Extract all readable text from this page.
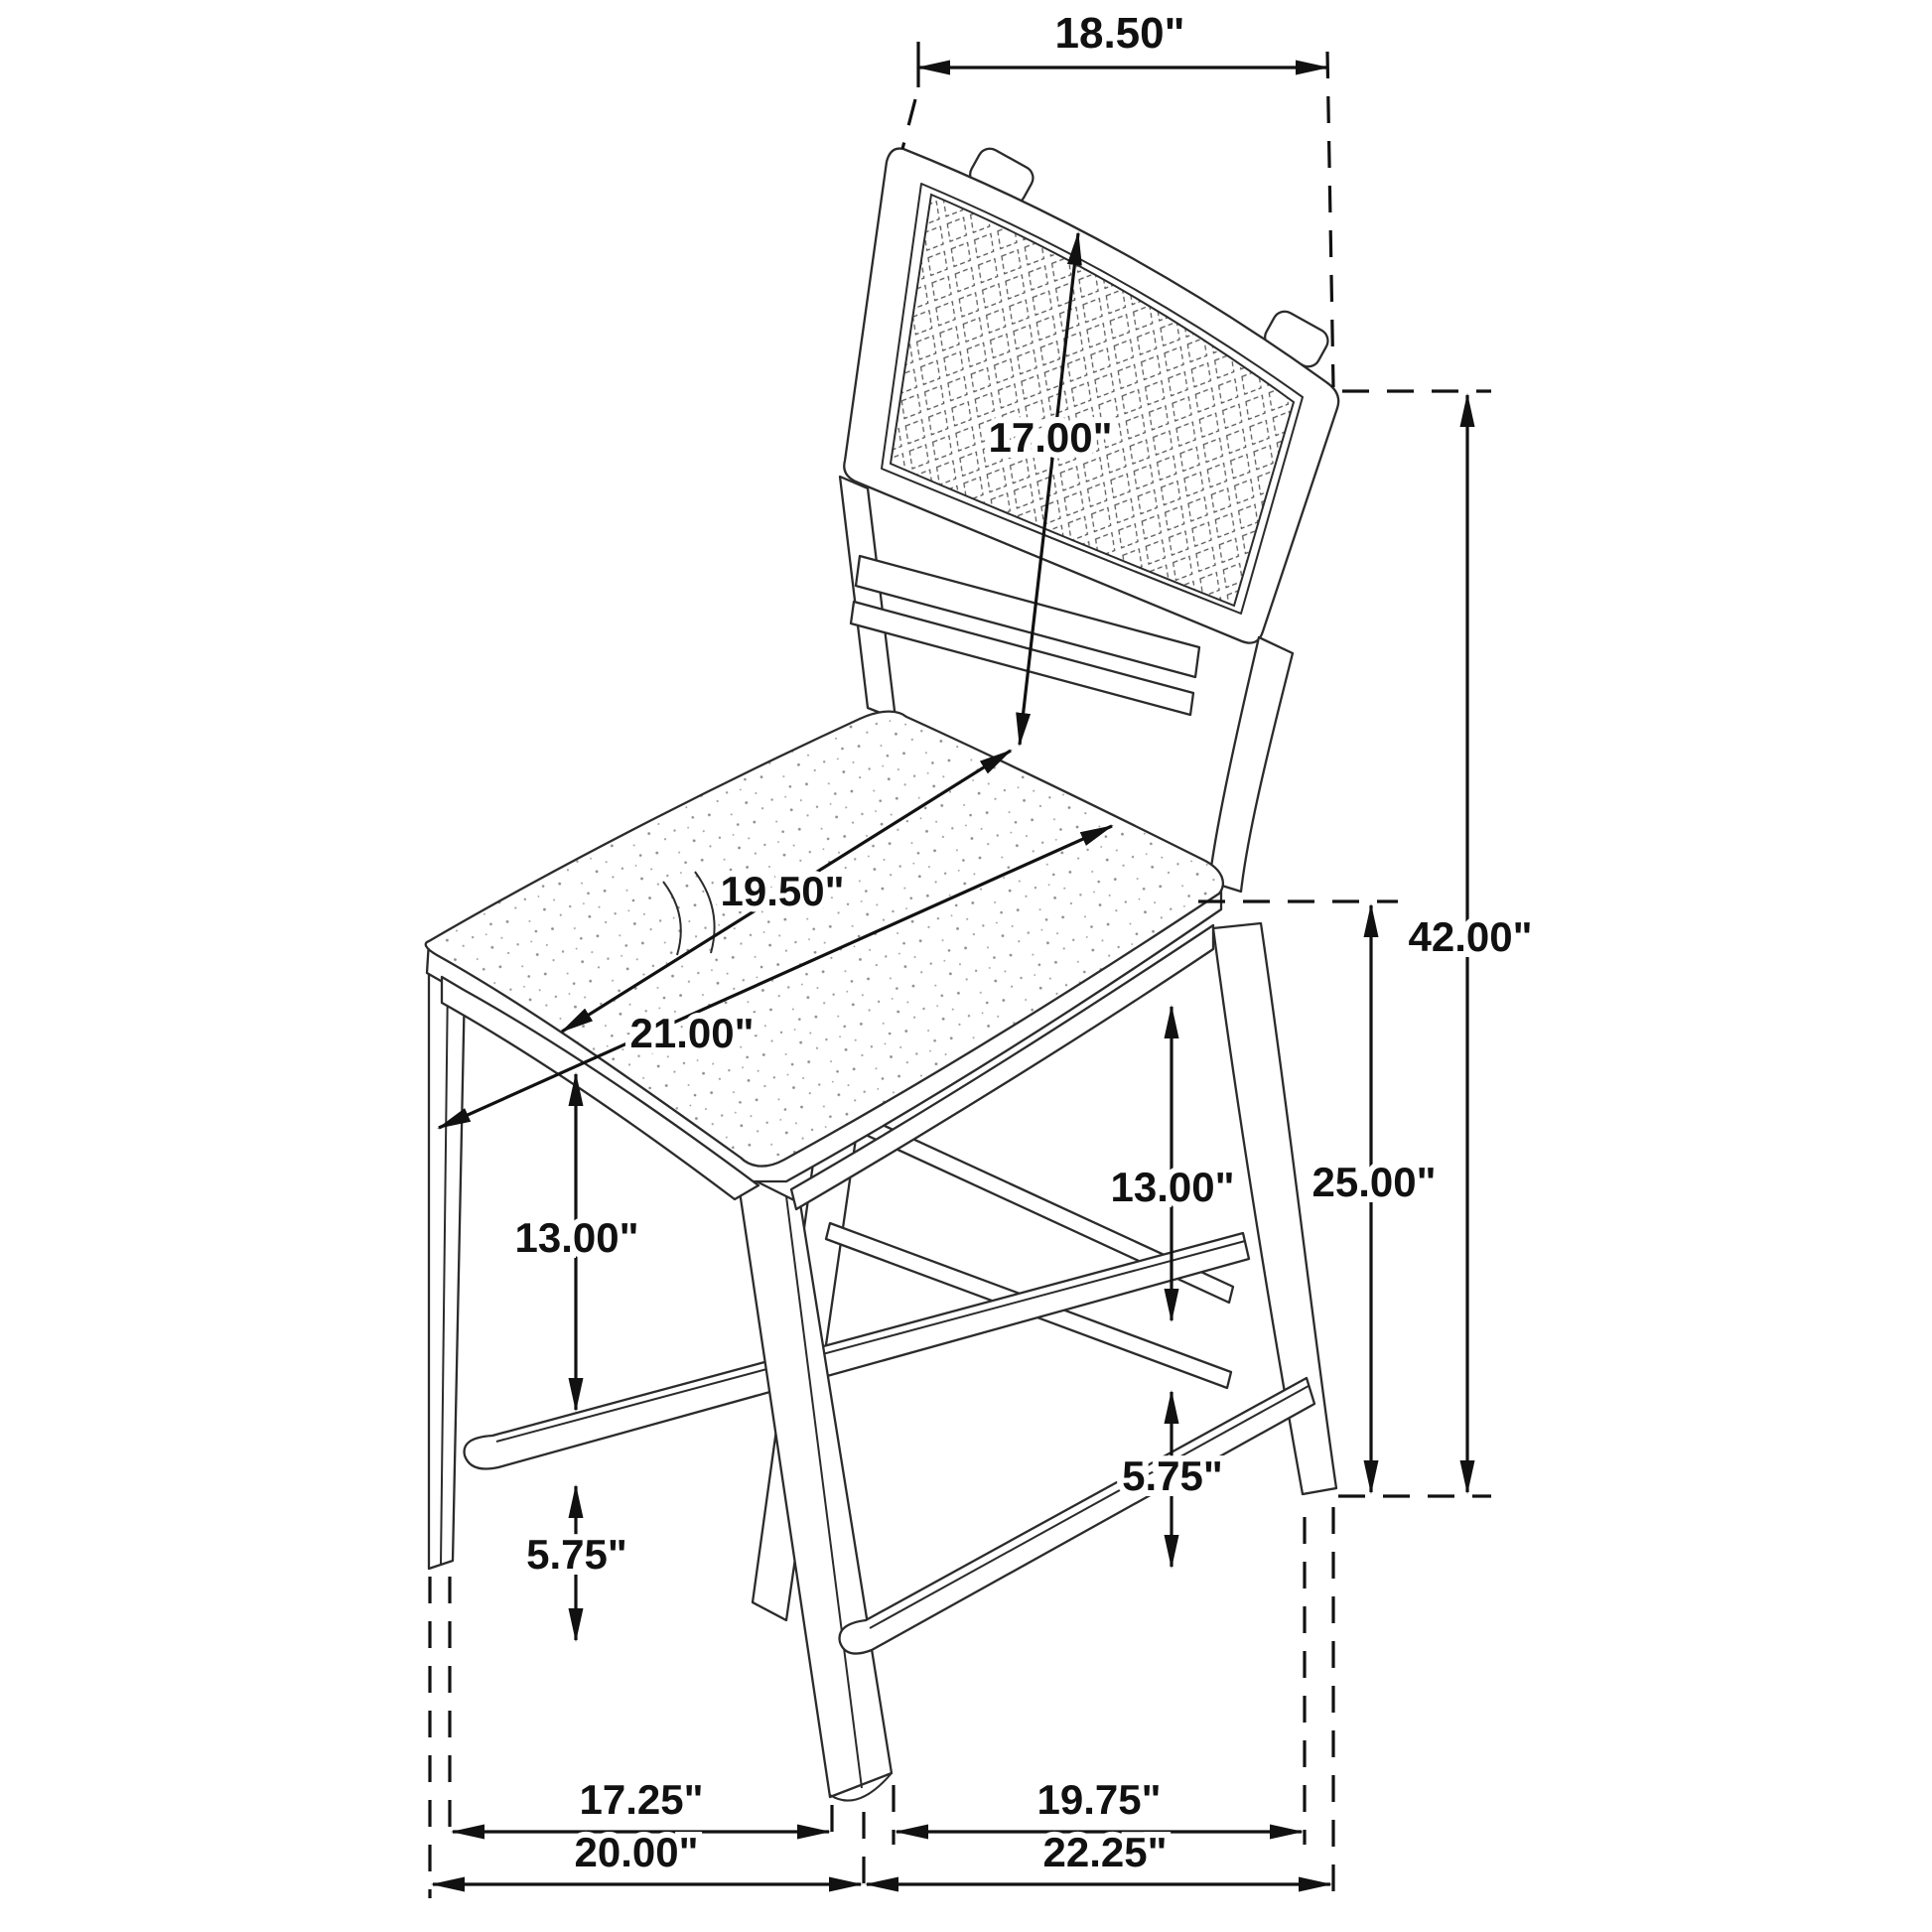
18.50"
17.00"
19.50"
21.00"
42.00"
25.00"
13.00"
5.75"
13.00"
5.75"
17.25"	19.75"
20.00"	22.25"
